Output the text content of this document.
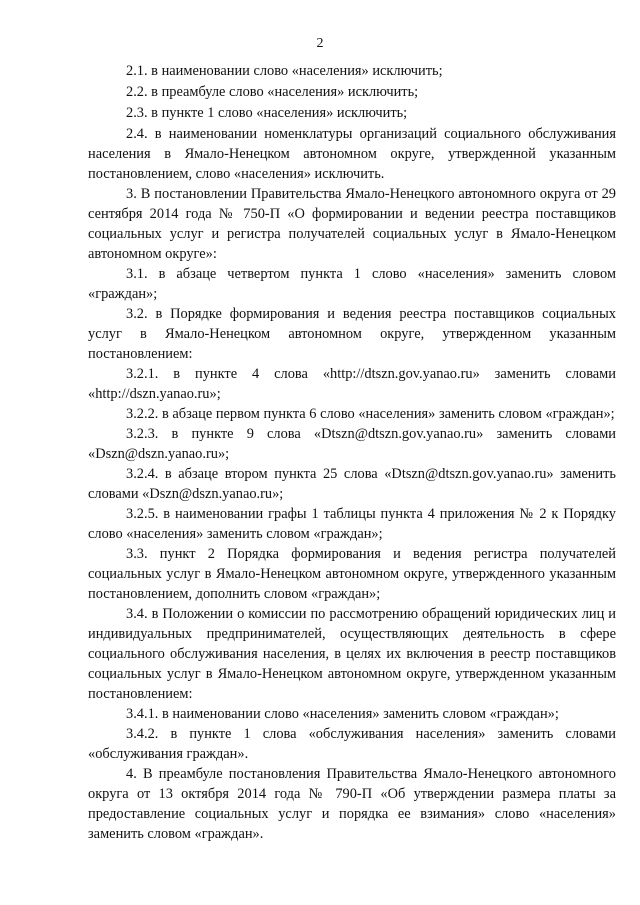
2

2.1. в наименовании слово «населения» исключить;

2.2. в преамбуле слово «населения» исключить;

2.3. в пункте 1 слово «населения» исключить;

2.4. в наименовании номенклатуры организаций социального обслуживания населения в Ямало-Ненецком автономном округе, утвержденной указанным постановлением, слово «населения» исключить.

3. В постановлении Правительства Ямало-Ненецкого автономного округа от 29 сентября 2014 года № 750-П «О формировании и ведении реестра поставщиков социальных услуг и регистра получателей социальных услуг в Ямало-Ненецком автономном округе»:

3.1. в абзаце четвертом пункта 1 слово «населения» заменить словом «граждан»;

3.2. в Порядке формирования и ведения реестра поставщиков социальных услуг в Ямало-Ненецком автономном округе, утвержденном указанным постановлением:

3.2.1. в пункте 4 слова «http://dtszn.gov.yanao.ru» заменить словами «http://dszn.yanao.ru»;

3.2.2. в абзаце первом пункта 6 слово «населения» заменить словом «граждан»;

3.2.3. в пункте 9 слова «Dtszn@dtszn.gov.yanao.ru» заменить словами «Dszn@dszn.yanao.ru»;

3.2.4. в абзаце втором пункта 25 слова «Dtszn@dtszn.gov.yanao.ru» заменить словами «Dszn@dszn.yanao.ru»;

3.2.5. в наименовании графы 1 таблицы пункта 4 приложения № 2 к Порядку слово «населения» заменить словом «граждан»;

3.3. пункт 2 Порядка формирования и ведения регистра получателей социальных услуг в Ямало-Ненецком автономном округе, утвержденного указанным постановлением, дополнить словом «граждан»;

3.4. в Положении о комиссии по рассмотрению обращений юридических лиц и индивидуальных предпринимателей, осуществляющих деятельность в сфере социального обслуживания населения, в целях их включения в реестр поставщиков социальных услуг в Ямало-Ненецком автономном округе, утвержденном указанным постановлением:

3.4.1. в наименовании слово «населения» заменить словом «граждан»;

3.4.2. в пункте 1 слова «обслуживания населения» заменить словами «обслуживания граждан».

4. В преамбуле постановления Правительства Ямало-Ненецкого автономного округа от 13 октября 2014 года № 790-П «Об утверждении размера платы за предоставление социальных услуг и порядка ее взимания» слово «населения» заменить словом «граждан».
